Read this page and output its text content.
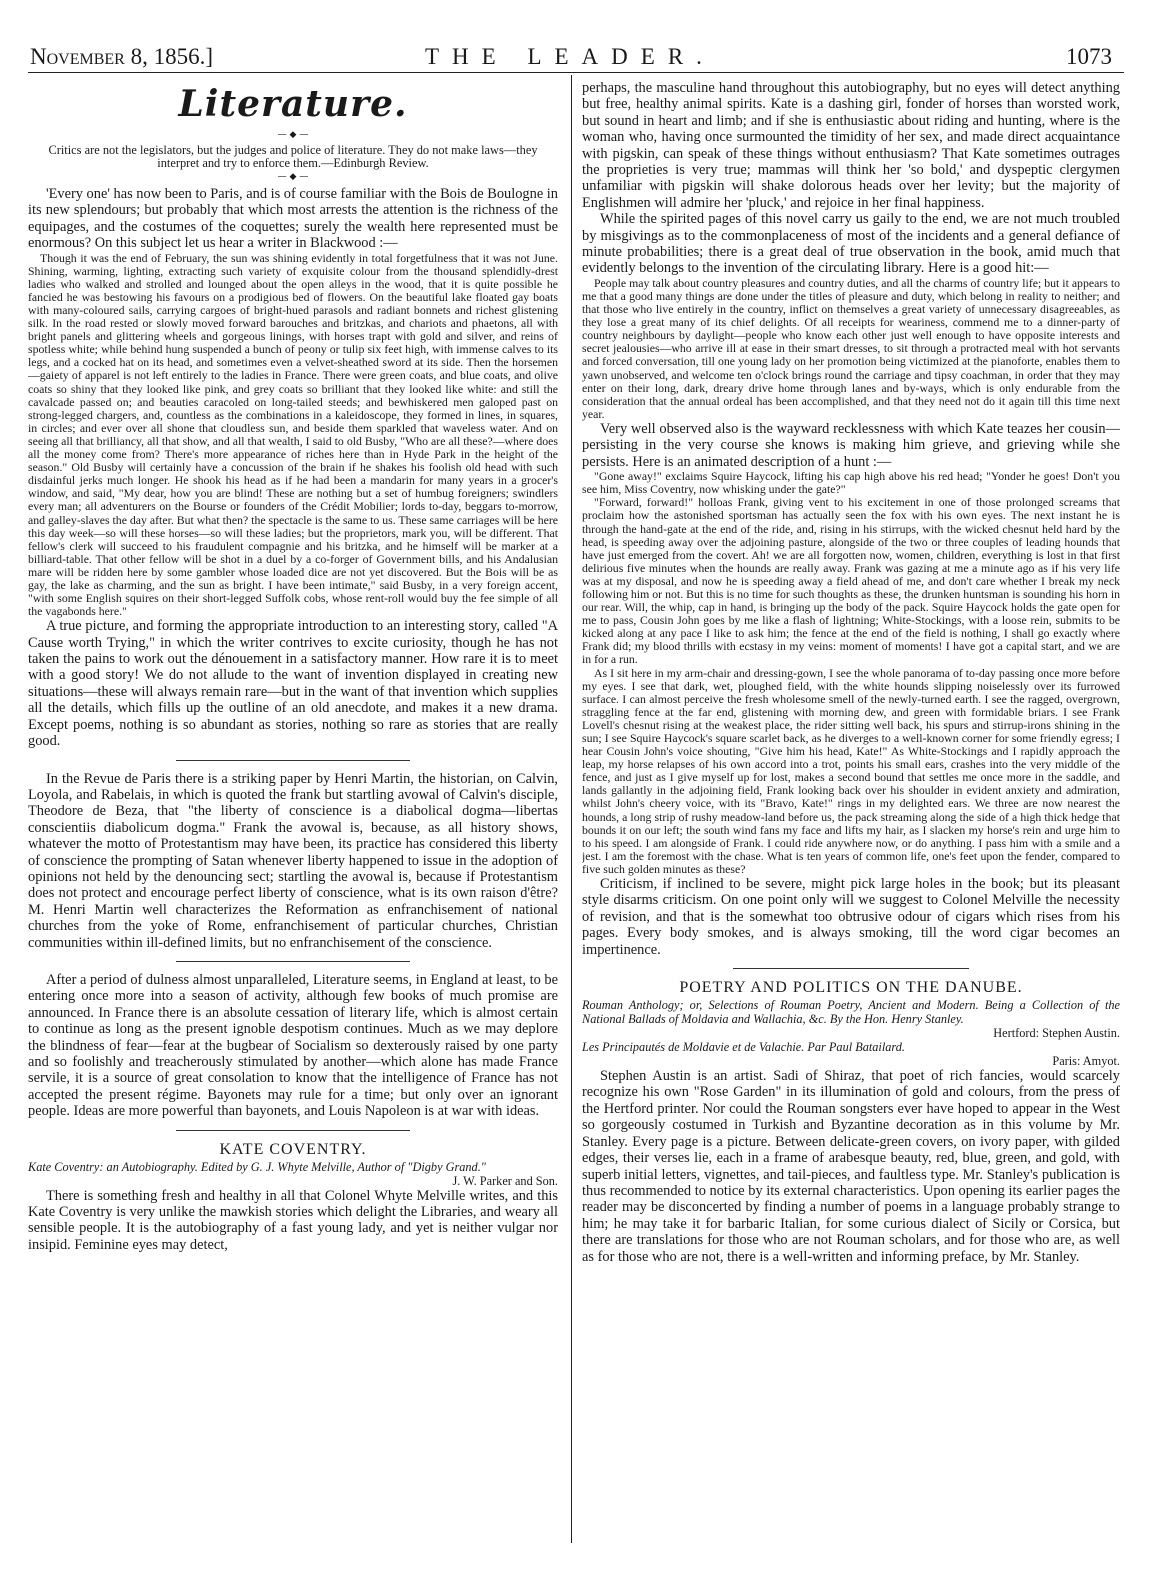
November 8, 1856.]	THE LEADER.	1073
Literature.
— ◆ —

Critics are not the legislators, but the judges and police of literature. They do not make laws—they interpret and try to enforce them.—Edinburgh Review.

— ◆ —

'Every one' has now been to Paris, and is of course familiar with the Bois de Boulogne in its new splendours; but probably that which most arrests the attention is the richness of the equipages, and the costumes of the coquettes; surely the wealth here represented must be enormous? On this subject let us hear a writer in Blackwood :—

Though it was the end of February, the sun was shining evidently in total forgetfulness that it was not June. Shining, warming, lighting, extracting such variety of exquisite colour from the thousand splendidly-drest ladies who walked and strolled and lounged about the open alleys in the wood, that it is quite possible he fancied he was bestowing his favours on a prodigious bed of flowers. On the beautiful lake floated gay boats with many-coloured sails, carrying cargoes of bright-hued parasols and radiant bonnets and richest glistening silk. In the road rested or slowly moved forward barouches and britzkas, and chariots and phaetons, all with bright panels and glittering wheels and gorgeous linings, with horses trapt with gold and silver, and reins of spotless white; while behind hung suspended a bunch of peony or tulip six feet high, with immense calves to its legs, and a cocked hat on its head, and sometimes even a velvet-sheathed sword at its side. Then the horsemen—gaiety of apparel is not left entirely to the ladies in France. There were green coats, and blue coats, and olive coats so shiny that they looked like pink, and grey coats so brilliant that they looked like white: and still the cavalcade passed on; and beauties caracoled on long-tailed steeds; and bewhiskered men galoped past on strong-legged chargers, and, countless as the combinations in a kaleidoscope, they formed in lines, in squares, in circles; and ever over all shone that cloudless sun, and beside them sparkled that waveless water. And on seeing all that brilliancy, all that show, and all that wealth, I said to old Busby, "Who are all these?—where does all the money come from? There's more appearance of riches here than in Hyde Park in the height of the season." Old Busby will certainly have a concussion of the brain if he shakes his foolish old head with such disdainful jerks much longer. He shook his head as if he had been a mandarin for many years in a grocer's window, and said, "My dear, how you are blind! These are nothing but a set of humbug foreigners; swindlers every man; all adventurers on the Bourse or founders of the Crédit Mobilier; lords to-day, beggars to-morrow, and galley-slaves the day after. But what then? the spectacle is the same to us. These same carriages will be here this day week—so will these horses—so will these ladies; but the proprietors, mark you, will be different. That fellow's clerk will succeed to his fraudulent compagnie and his britzka, and he himself will be marker at a billiard-table. That other fellow will be shot in a duel by a co-forger of Government bills, and his Andalusian mare will be ridden here by some gambler whose loaded dice are not yet discovered. But the Bois will be as gay, the lake as charming, and the sun as bright. I have been intimate," said Busby, in a very foreign accent, "with some English squires on their short-legged Suffolk cobs, whose rent-roll would buy the fee simple of all the vagabonds here."

A true picture, and forming the appropriate introduction to an interesting story, called "A Cause worth Trying," in which the writer contrives to excite curiosity, though he has not taken the pains to work out the dénouement in a satisfactory manner. How rare it is to meet with a good story! We do not allude to the want of invention displayed in creating new situations—these will always remain rare—but in the want of that invention which supplies all the details, which fills up the outline of an old anecdote, and makes it a new drama. Except poems, nothing is so abundant as stories, nothing so rare as stories that are really good.

In the Revue de Paris there is a striking paper by Henri Martin, the historian, on Calvin, Loyola, and Rabelais, in which is quoted the frank but startling avowal of Calvin's disciple, Theodore de Beza, that "the liberty of conscience is a diabolical dogma—libertas conscientiis diabolicum dogma." Frank the avowal is, because, as all history shows, whatever the motto of Protestantism may have been, its practice has considered this liberty of conscience the prompting of Satan whenever liberty happened to issue in the adoption of opinions not held by the denouncing sect; startling the avowal is, because if Protestantism does not protect and encourage perfect liberty of conscience, what is its own raison d'être? M. Henri Martin well characterizes the Reformation as enfranchisement of national churches from the yoke of Rome, enfranchisement of particular churches, Christian communities within ill-defined limits, but no enfranchisement of the conscience.

After a period of dulness almost unparalleled, Literature seems, in England at least, to be entering once more into a season of activity, although few books of much promise are announced. In France there is an absolute cessation of literary life, which is almost certain to continue as long as the present ignoble despotism continues. Much as we may deplore the blindness of fear—fear at the bugbear of Socialism so dexterously raised by one party and so foolishly and treacherously stimulated by another—which alone has made France servile, it is a source of great consolation to know that the intelligence of France has not accepted the present régime. Bayonets may rule for a time; but only over an ignorant people. Ideas are more powerful than bayonets, and Louis Napoleon is at war with ideas.

KATE COVENTRY.

Kate Coventry: an Autobiography. Edited by G. J. Whyte Melville, Author of "Digby Grand."
J. W. Parker and Son.

There is something fresh and healthy in all that Colonel Whyte Melville writes, and this Kate Coventry is very unlike the mawkish stories which delight the Libraries, and weary all sensible people. It is the autobiography of a fast young lady, and yet is neither vulgar nor insipid. Feminine eyes may detect,

perhaps, the masculine hand throughout this autobiography, but no eyes will detect anything but free, healthy animal spirits. Kate is a dashing girl, fonder of horses than worsted work, but sound in heart and limb; and if she is enthusiastic about riding and hunting, where is the woman who, having once surmounted the timidity of her sex, and made direct acquaintance with pigskin, can speak of these things without enthusiasm? That Kate sometimes outrages the proprieties is very true; mammas will think her 'so bold,' and dyspeptic clergymen unfamiliar with pigskin will shake dolorous heads over her levity; but the majority of Englishmen will admire her 'pluck,' and rejoice in her final happiness.

While the spirited pages of this novel carry us gaily to the end, we are not much troubled by misgivings as to the commonplaceness of most of the incidents and a general defiance of minute probabilities; there is a great deal of true observation in the book, amid much that evidently belongs to the invention of the circulating library. Here is a good hit:—

People may talk about country pleasures and country duties, and all the charms of country life; but it appears to me that a good many things are done under the titles of pleasure and duty, which belong in reality to neither; and that those who live entirely in the country, inflict on themselves a great variety of unnecessary disagreeables, as they lose a great many of its chief delights. Of all receipts for weariness, commend me to a dinner-party of country neighbours by daylight—people who know each other just well enough to have opposite interests and secret jealousies—who arrive ill at ease in their smart dresses, to sit through a protracted meal with hot servants and forced conversation, till one young lady on her promotion being victimized at the pianoforte, enables them to yawn unobserved, and welcome ten o'clock brings round the carriage and tipsy coachman, in order that they may enter on their long, dark, dreary drive home through lanes and by-ways, which is only endurable from the consideration that the annual ordeal has been accomplished, and that they need not do it again till this time next year.

Very well observed also is the wayward recklessness with which Kate teazes her cousin—persisting in the very course she knows is making him grieve, and grieving while she persists. Here is an animated description of a hunt :—

"Gone away!" exclaims Squire Haycock, lifting his cap high above his red head; "Yonder he goes! Don't you see him, Miss Coventry, now whisking under the gate?"

"Forward, forward!" holloas Frank, giving vent to his excitement in one of those prolonged screams that proclaim how the astonished sportsman has actually seen the fox with his own eyes. The next instant he is through the hand-gate at the end of the ride, and, rising in his stirrups, with the wicked chesnut held hard by the head, is speeding away over the adjoining pasture, alongside of the two or three couples of leading hounds that have just emerged from the covert. Ah! we are all forgotten now, women, children, everything is lost in that first delirious five minutes when the hounds are really away. Frank was gazing at me a minute ago as if his very life was at my disposal, and now he is speeding away a field ahead of me, and don't care whether I break my neck following him or not. But this is no time for such thoughts as these, the drunken huntsman is sounding his horn in our rear. Will, the whip, cap in hand, is bringing up the body of the pack. Squire Haycock holds the gate open for me to pass, Cousin John goes by me like a flash of lightning; White-Stockings, with a loose rein, submits to be kicked along at any pace I like to ask him; the fence at the end of the field is nothing, I shall go exactly where Frank did; my blood thrills with ecstasy in my veins: moment of moments! I have got a capital start, and we are in for a run.

As I sit here in my arm-chair and dressing-gown, I see the whole panorama of to-day passing once more before my eyes. I see that dark, wet, ploughed field, with the white hounds slipping noiselessly over its furrowed surface. I can almost perceive the fresh wholesome smell of the newly-turned earth. I see the ragged, overgrown, straggling fence at the far end, glistening with morning dew, and green with formidable briars. I see Frank Lovell's chesnut rising at the weakest place, the rider sitting well back, his spurs and stirrup-irons shining in the sun; I see Squire Haycock's square scarlet back, as he diverges to a well-known corner for some friendly egress; I hear Cousin John's voice shouting, "Give him his head, Kate!" As White-Stockings and I rapidly approach the leap, my horse relapses of his own accord into a trot, points his small ears, crashes into the very middle of the fence, and just as I give myself up for lost, makes a second bound that settles me once more in the saddle, and lands gallantly in the adjoining field, Frank looking back over his shoulder in evident anxiety and admiration, whilst John's cheery voice, with its "Bravo, Kate!" rings in my delighted ears. We three are now nearest the hounds, a long strip of rushy meadow-land before us, the pack streaming along the side of a high thick hedge that bounds it on our left; the south wind fans my face and lifts my hair, as I slacken my horse's rein and urge him to to his speed. I am alongside of Frank. I could ride anywhere now, or do anything. I pass him with a smile and a jest. I am the foremost with the chase. What is ten years of common life, one's feet upon the fender, compared to five such golden minutes as these?

Criticism, if inclined to be severe, might pick large holes in the book; but its pleasant style disarms criticism. On one point only will we suggest to Colonel Melville the necessity of revision, and that is the somewhat too obtrusive odour of cigars which rises from his pages. Every body smokes, and is always smoking, till the word cigar becomes an impertinence.

POETRY AND POLITICS ON THE DANUBE.

Rouman Anthology; or, Selections of Rouman Poetry, Ancient and Modern. Being a Collection of the National Ballads of Moldavia and Wallachia, &c. By the Hon. Henry Stanley.
Hertford: Stephen Austin.

Les Principautés de Moldavie et de Valachie. Par Paul Batailard.
Paris: Amyot.

Stephen Austin is an artist. Sadi of Shiraz, that poet of rich fancies, would scarcely recognize his own "Rose Garden" in its illumination of gold and colours, from the press of the Hertford printer. Nor could the Rouman songsters ever have hoped to appear in the West so gorgeously costumed in Turkish and Byzantine decoration as in this volume by Mr. Stanley. Every page is a picture. Between delicate-green covers, on ivory paper, with gilded edges, their verses lie, each in a frame of arabesque beauty, red, blue, green, and gold, with superb initial letters, vignettes, and tail-pieces, and faultless type. Mr. Stanley's publication is thus recommended to notice by its external characteristics. Upon opening its earlier pages the reader may be disconcerted by finding a number of poems in a language probably strange to him; he may take it for barbaric Italian, for some curious dialect of Sicily or Corsica, but there are translations for those who are not Rouman scholars, and for those who are, as well as for those who are not, there is a well-written and informing preface, by Mr. Stanley.
